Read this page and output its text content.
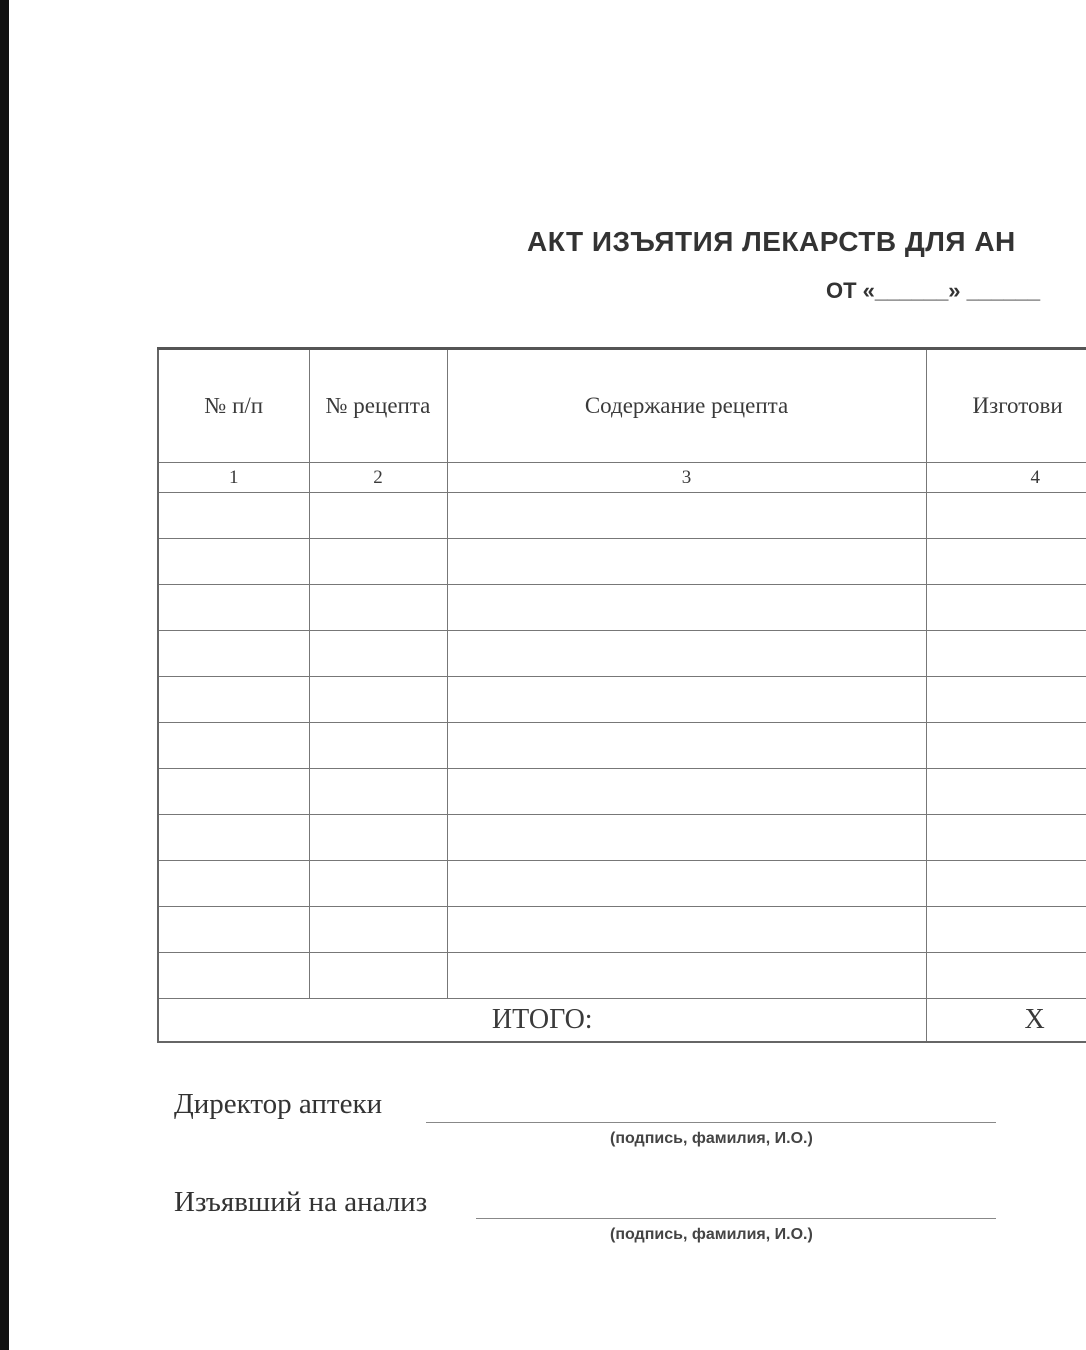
АКТ ИЗЪЯТИЯ ЛЕКАРСТВ ДЛЯ АН
ОТ «______» ______
№ п/п	№ рецепта	Содержание рецепта	Изготови
1	2	3	4

ИТОГО:			X
Директор аптеки
(подпись, фамилия, И.О.)
Изъявший на анализ
(подпись, фамилия, И.О.)
